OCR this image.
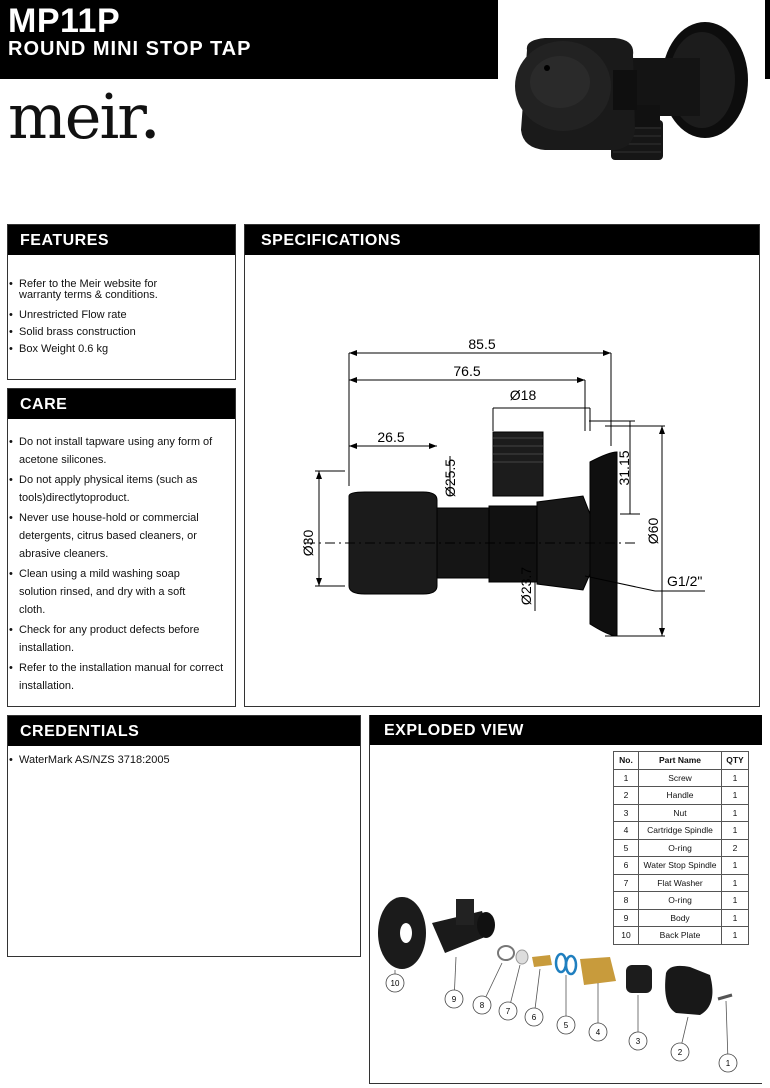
MP11P
ROUND MINI STOP TAP
meir●
FEATURES
• Refer to the Meir website for warranty terms & conditions.
• Unrestricted Flow rate
• Solid brass construction
• Box Weight 0.6 kg
CARE
• Do not install tapware using any form of acetone silicones.
• Do not apply physical items (such as tools)directlytoproduct.
• Never use house-hold or commercial detergents, citrus based cleaners, or abrasive cleaners.
• Clean using a mild washing soap solution rinsed, and dry with a soft cloth.
• Check for any product defects before installation.
• Refer to the installation manual for correct installation.
SPECIFICATIONS
85.5
76.5
Ø18
26.5
Ø25.5	31.15
Ø30	Ø60
Ø23.7	G1/2"
CREDENTIALS
• WaterMark AS/NZS 3718:2005
EXPLODED VIEW
No.	Part Name	QTY
1	Screw	1
2	Handle	1
3	Nut	1
4	Cartridge Spindle	1
5	O-ring	2
6	Water Stop Spindle	1
7	Flat Washer	1
8	O-ring	1
9	Body	1
10	Back Plate	1
10
9
8
7
6
5
4
3
2
1
